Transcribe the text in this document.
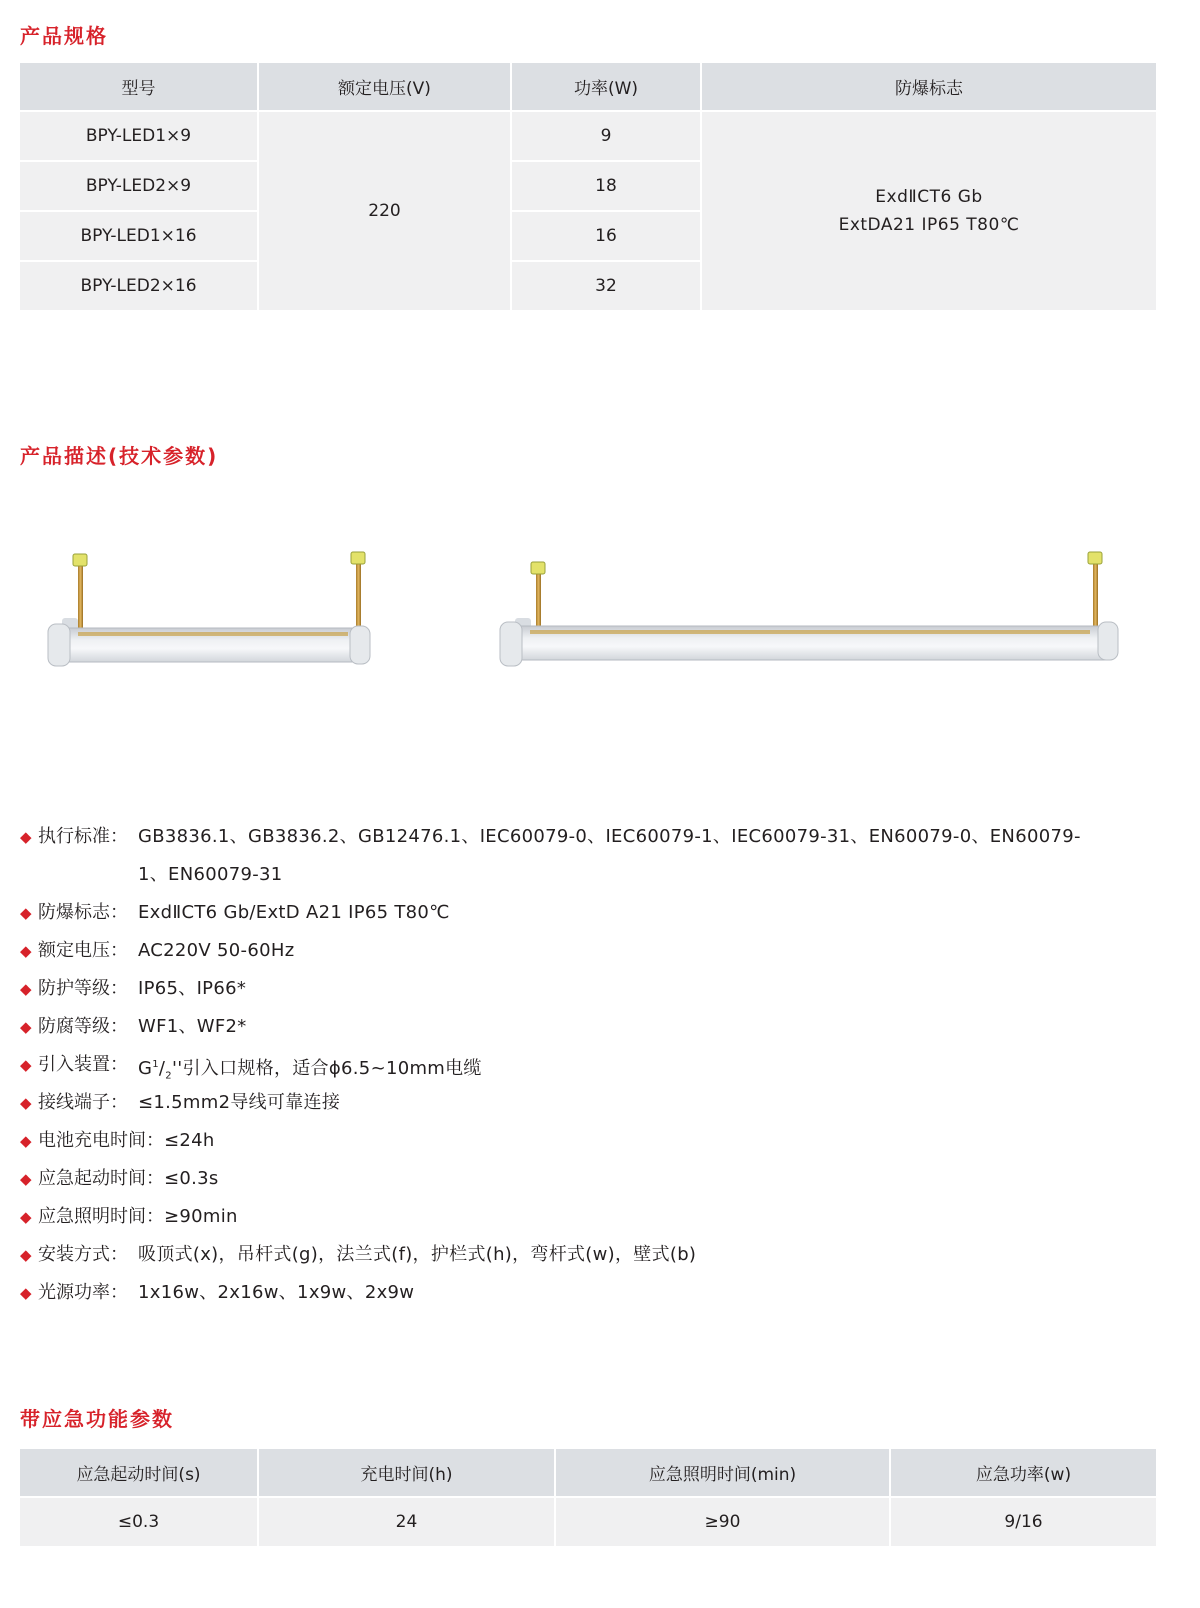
产品规格
型号	额定电压(V)	功率(W)	防爆标志
BPY-LED1×9	220	9	ExdⅡCT6 Gb
ExtDA21 IP65 T80℃

BPY-LED2×9		18	
BPY-LED1×16		16	
BPY-LED2×16		32	
产品描述(技术参数)
◆ 执行标准： GB3836.1、GB3836.2、GB12476.1、IEC60079-0、IEC60079-1、IEC60079-31、EN60079-0、EN60079-1、EN60079-31
◆ 防爆标志： ExdⅡCT6 Gb/ExtD A21 IP65 T80℃
◆ 额定电压： AC220V 50-60Hz
◆ 防护等级： IP65、IP66*
◆ 防腐等级： WF1、WF2*
◆ 引入装置： $G^1/_2''$引入口规格，适合ϕ6.5~10mm电缆
◆ 接线端子： ≤1.5mm2导线可靠连接
◆ 电池充电时间：≤24h
◆ 应急起动时间：≤0.3s
◆ 应急照明时间：≥90min
◆ 安装方式： 吸顶式(x)，吊杆式(g)，法兰式(f)，护栏式(h)，弯杆式(w)，壁式(b)
◆ 光源功率： 1x16w、2x16w、1x9w、2x9w
带应急功能参数
应急起动时间(s)	充电时间(h)	应急照明时间(min)	应急功率(w)
≤0.3	24	≥90	9/16
